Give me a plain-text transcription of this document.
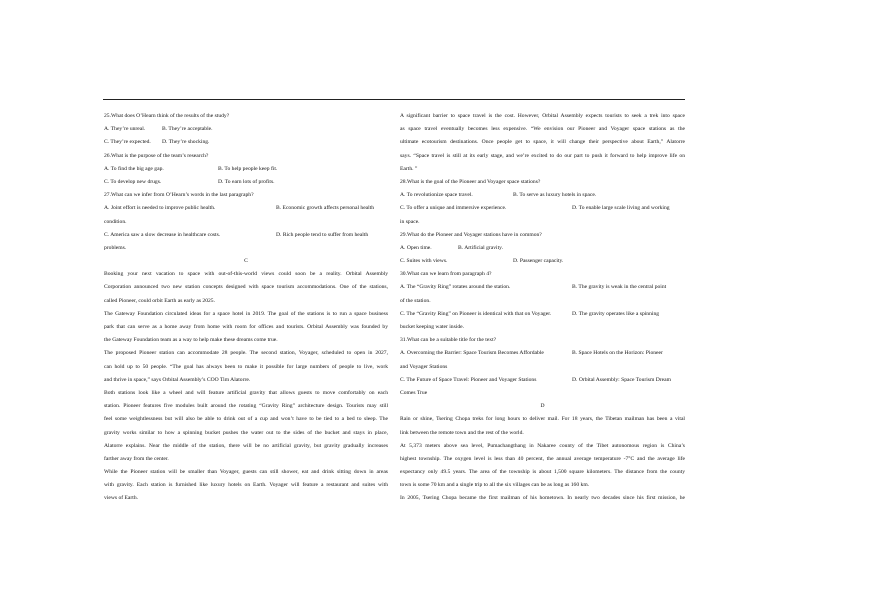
25.What does O’Hearn think of the results of the study?
A. They’re unreal.	B. They’re acceptable.
C. They’re expected.	D. They’re shocking.
26.What is the purpose of the team’s research?
A. To find the big age gap.	B. To help people keep fit.
C. To develop new drugs.	D. To earn lots of profits.
27.What can we infer from O’Hearn’s words in the last paragraph?
A. Joint effort is needed to improve public health.	B. Economic growth affects personal health
condition.
C. America saw a slow decrease in healthcare costs.	D. Rich people tend to suffer from health
problems.
C
Booking your next vacation to space with out-of-this-world views could soon be a reality. Orbital Assembly
Corporation announced two new station concepts designed with space tourism accommodations. One of the stations,
called Pioneer, could orbit Earth as early as 2025.
The Gateway Foundation circulated ideas for a space hotel in 2019. The goal of the stations is to run a space business
park that can serve as a home away from home with room for offices and tourists. Orbital Assembly was founded by
the Gateway Foundation team as a way to help make these dreams come true.
The proposed Pioneer station can accommodate 28 people. The second station, Voyager, scheduled to open in 2027,
can hold up to 50 people. “The goal has always been to make it possible for large numbers of people to live, work
and thrive in space,” says Orbital Assembly’s COO Tim Alatorre.
Both stations look like a wheel and will feature artificial gravity that allows guests to move comfortably on each
station. Pioneer features five modules built around the rotating “Gravity Ring” architecture design. Tourists may still
feel some weightlessness but will also be able to drink out of a cup and won’t have to be tied to a bed to sleep. The
gravity works similar to how a spinning bucket pushes the water out to the sides of the bucket and stays in place,
Alatorre explains. Near the middle of the station, there will be no artificial gravity, but gravity gradually increases
farther away from the center.
While the Pioneer station will be smaller than Voyager, guests can still shower, eat and drink sitting down in areas
with gravity. Each station is furnished like luxury hotels on Earth. Voyager will feature a restaurant and suites with
views of Earth.
A significant barrier to space travel is the cost. However, Orbital Assembly expects tourists to seek a trek into space
as space travel eventually becomes less expensive. “We envision our Pioneer and Voyager space stations as the
ultimate ecotourism destinations. Once people get to space, it will change their perspective about Earth,” Alatorre
says. “Space travel is still at its early stage, and we’re excited to do our part to push it forward to help improve life on
Earth. ”
28.What is the goal of the Pioneer and Voyager space stations?
A. To revolutionize space travel.	B. To serve as luxury hotels in space.
C. To offer a unique and immersive experience.	D. To enable large scale living and working
in space.
29.What do the Pioneer and Voyager stations have in common?
A. Open time.	B. Artificial gravity.
C. Suites with views.	D. Passenger capacity.
30.What can we learn from paragraph 4?
A. The “Gravity Ring” rotates around the station.	B. The gravity is weak in the central point
of the station.
C. The “Gravity Ring” on Pioneer is identical with that on Voyager.	D. The gravity operates like a spinning
bucket keeping water inside.
31.What can be a suitable title for the text?
A. Overcoming the Barrier: Space Tourism Becomes Affordable	B. Space Hotels on the Horizon: Pioneer
and Voyager Stations
C. The Future of Space Travel: Pioneer and Voyager Stations	D. Orbital Assembly: Space Tourism Dream
Comes True
D
Rain or shine, Tsering Chopa treks for long hours to deliver mail. For 18 years, the Tibetan mailman has been a vital
link between the remote town and the rest of the world.
At 5,373 meters above sea level, Pumachangthang in Nakaree county of the Tibet autonomous region is China’s
highest township. The oxygen level is less than 40 percent, the annual average temperature -7°C and the average life
expectancy only 49.5 years. The area of the township is about 1,500 square kilometers. The distance from the county
town is some 70 km and a single trip to all the six villages can be as long as 160 km.
In 2005, Tsering Chopa became the first mailman of his hometown. In nearly two decades since his first mission, he
